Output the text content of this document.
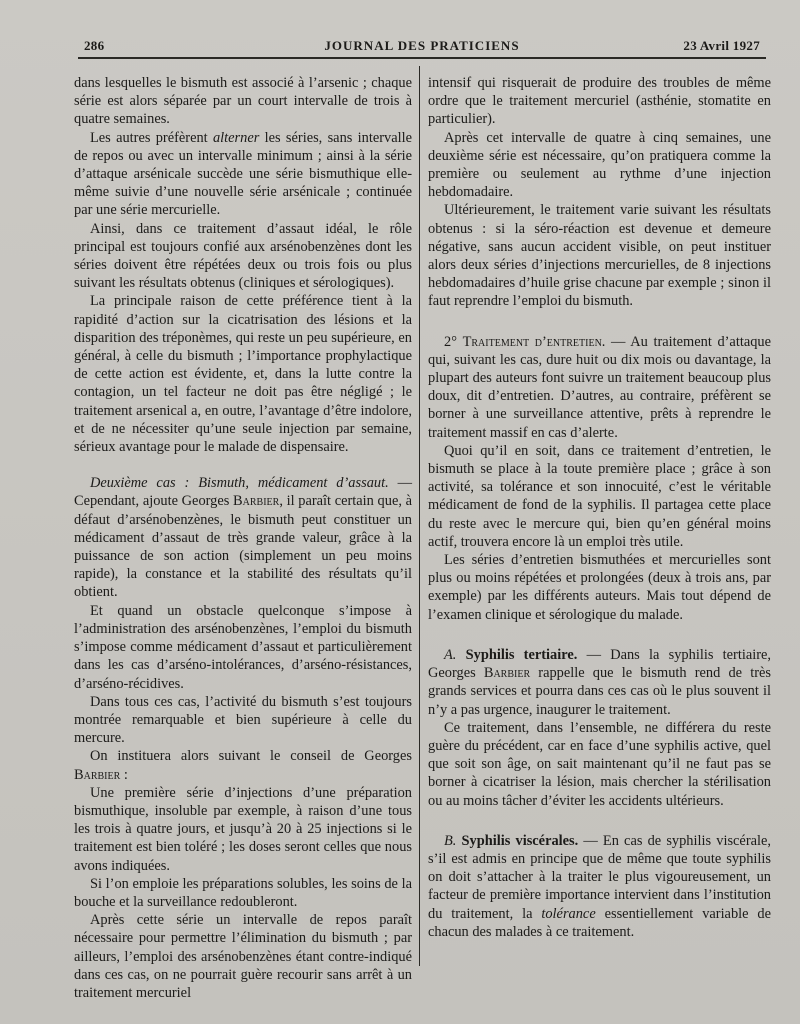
286	JOURNAL DES PRATICIENS	23 Avril 1927

dans lesquelles le bismuth est associé à l’arsenic ; chaque série est alors séparée par un court intervalle de trois à quatre semaines.

Les autres préfèrent alterner les séries, sans intervalle de repos ou avec un intervalle minimum ; ainsi à la série d’attaque arsénicale succède une série bismuthique elle-même suivie d’une nouvelle série arsénicale ; continuée par une série mercurielle.

Ainsi, dans ce traitement d’assaut idéal, le rôle principal est toujours confié aux arsénobenzènes dont les séries doivent être répétées deux ou trois fois ou plus suivant les résultats obtenus (cliniques et sérologiques).

La principale raison de cette préférence tient à la rapidité d’action sur la cicatrisation des lésions et la disparition des tréponèmes, qui reste un peu supérieure, en général, à celle du bismuth ; l’importance prophylactique de cette action est évidente, et, dans la lutte contre la contagion, un tel facteur ne doit pas être négligé ; le traitement arsenical a, en outre, l’avantage d’être indolore, et de ne nécessiter qu’une seule injection par semaine, sérieux avantage pour le malade de dispensaire.

Deuxième cas : Bismuth, médicament d’assaut. — Cependant, ajoute Georges Barbier, il paraît certain que, à défaut d’arsénobenzènes, le bismuth peut constituer un médicament d’assaut de très grande valeur, grâce à la puissance de son action (simplement un peu moins rapide), la constance et la stabilité des résultats qu’il obtient.

Et quand un obstacle quelconque s’impose à l’administration des arsénobenzènes, l’emploi du bismuth s’impose comme médicament d’assaut et particulièrement dans les cas d’arséno-intolérances, d’arséno-résistances, d’arséno-récidives.

Dans tous ces cas, l’activité du bismuth s’est toujours montrée remarquable et bien supérieure à celle du mercure.

On instituera alors suivant le conseil de Georges Barbier :

Une première série d’injections d’une préparation bismuthique, insoluble par exemple, à raison d’une tous les trois à quatre jours, et jusqu’à 20 à 25 injections si le traitement est bien toléré ; les doses seront celles que nous avons indiquées.

Si l’on emploie les préparations solubles, les soins de la bouche et la surveillance redoubleront.

Après cette série un intervalle de repos paraît nécessaire pour permettre l’élimination du bismuth ; par ailleurs, l’emploi des arsénobenzènes étant contre-indiqué dans ces cas, on ne pourrait guère recourir sans arrêt à un traitement mercuriel

intensif qui risquerait de produire des troubles de même ordre que le traitement mercuriel (asthénie, stomatite en particulier).

Après cet intervalle de quatre à cinq semaines, une deuxième série est nécessaire, qu’on pratiquera comme la première ou seulement au rythme d’une injection hebdomadaire.

Ultérieurement, le traitement varie suivant les résultats obtenus : si la séro-réaction est devenue et demeure négative, sans aucun accident visible, on peut instituer alors deux séries d’injections mercurielles, de 8 injections hebdomadaires d’huile grise chacune par exemple ; sinon il faut reprendre l’emploi du bismuth.

2° Traitement d’entretien. — Au traitement d’attaque qui, suivant les cas, dure huit ou dix mois ou davantage, la plupart des auteurs font suivre un traitement beaucoup plus doux, dit d’entretien. D’autres, au contraire, préfèrent se borner à une surveillance attentive, prêts à reprendre le traitement massif en cas d’alerte.

Quoi qu’il en soit, dans ce traitement d’entretien, le bismuth se place à la toute première place ; grâce à son activité, sa tolérance et son innocuité, c’est le véritable médicament de fond de la syphilis. Il partagea cette place du reste avec le mercure qui, bien qu’en général moins actif, trouvera encore là un emploi très utile.

Les séries d’entretien bismuthées et mercurielles sont plus ou moins répétées et prolongées (deux à trois ans, par exemple) par les différents auteurs. Mais tout dépend de l’examen clinique et sérologique du malade.

A. Syphilis tertiaire. — Dans la syphilis tertiaire, Georges Barbier rappelle que le bismuth rend de très grands services et pourra dans ces cas où le plus souvent il n’y a pas urgence, inaugurer le traitement.

Ce traitement, dans l’ensemble, ne différera du reste guère du précédent, car en face d’une syphilis active, quel que soit son âge, on sait maintenant qu’il ne faut pas se borner à cicatriser la lésion, mais chercher la stérilisation ou au moins tâcher d’éviter les accidents ultérieurs.

B. Syphilis viscérales. — En cas de syphilis viscérale, s’il est admis en principe que de même que toute syphilis on doit s’attacher à la traiter le plus vigoureusement, un facteur de première importance intervient dans l’institution du traitement, la tolérance essentiellement variable de chacun des malades à ce traitement.
